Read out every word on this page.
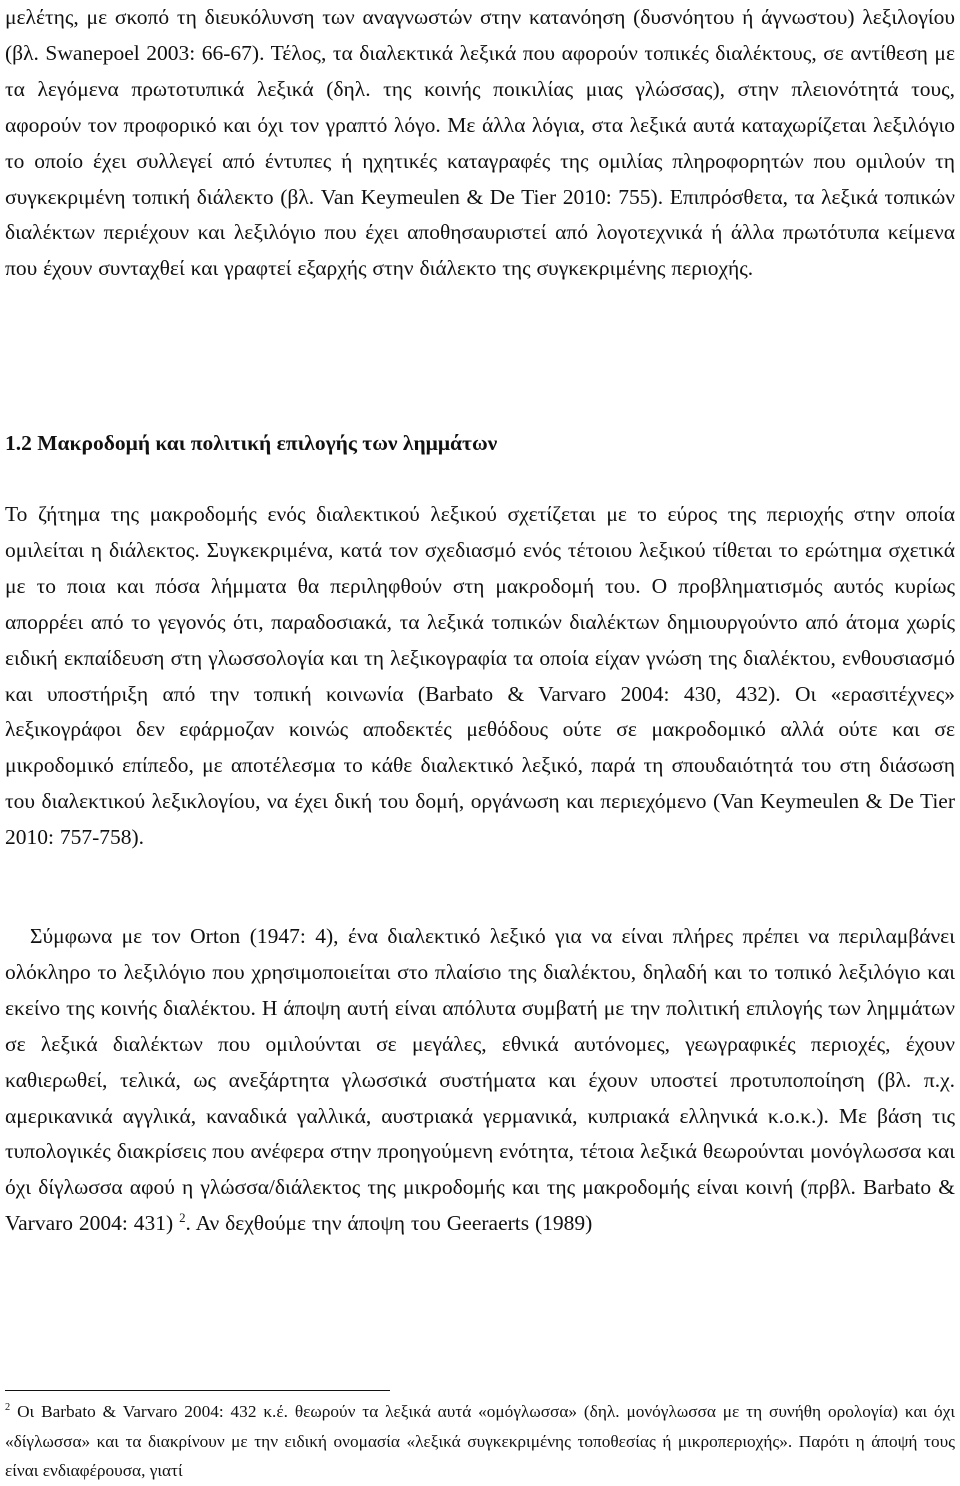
μελέτης, με σκοπό τη διευκόλυνση των αναγνωστών στην κατανόηση (δυσνόητου ή άγνωστου) λεξιλογίου (βλ. Swanepoel 2003: 66-67). Τέλος, τα διαλεκτικά λεξικά που αφορούν τοπικές διαλέκτους, σε αντίθεση με τα λεγόμενα πρωτοτυπικά λεξικά (δηλ. της κοινής ποικιλίας μιας γλώσσας), στην πλειονότητά τους, αφορούν τον προφορικό και όχι τον γραπτό λόγο. Με άλλα λόγια, στα λεξικά αυτά καταχωρίζεται λεξιλόγιο το οποίο έχει συλλεγεί από έντυπες ή ηχητικές καταγραφές της ομιλίας πληροφορητών που ομιλούν τη συγκεκριμένη τοπική διάλεκτο (βλ. Van Keymeulen & De Tier 2010: 755). Επιπρόσθετα, τα λεξικά τοπικών διαλέκτων περιέχουν και λεξιλόγιο που έχει αποθησαυριστεί από λογοτεχνικά ή άλλα πρωτότυπα κείμενα που έχουν συνταχθεί και γραφτεί εξαρχής στην διάλεκτο της συγκεκριμένης περιοχής.

1.2 Μακροδομή και πολιτική επιλογής των λημμάτων

Το ζήτημα της μακροδομής ενός διαλεκτικού λεξικού σχετίζεται με το εύρος της περιοχής στην οποία ομιλείται η διάλεκτος. Συγκεκριμένα, κατά τον σχεδιασμό ενός τέτοιου λεξικού τίθεται το ερώτημα σχετικά με το ποια και πόσα λήμματα θα περιληφθούν στη μακροδομή του. Ο προβληματισμός αυτός κυρίως απορρέει από το γεγονός ότι, παραδοσιακά, τα λεξικά τοπικών διαλέκτων δημιουργούντο από άτομα χωρίς ειδική εκπαίδευση στη γλωσσολογία και τη λεξικογραφία τα οποία είχαν γνώση της διαλέκτου, ενθουσιασμό και υποστήριξη από την τοπική κοινωνία (Barbato & Varvaro 2004: 430, 432). Οι «ερασιτέχνες» λεξικογράφοι δεν εφάρμοζαν κοινώς αποδεκτές μεθόδους ούτε σε μακροδομικό αλλά ούτε και σε μικροδομικό επίπεδο, με αποτέλεσμα το κάθε διαλεκτικό λεξικό, παρά τη σπουδαιότητά του στη διάσωση του διαλεκτικού λεξικλογίου, να έχει δική του δομή, οργάνωση και περιεχόμενο (Van Keymeulen & De Tier 2010: 757-758).

Σύμφωνα με τον Orton (1947: 4), ένα διαλεκτικό λεξικό για να είναι πλήρες πρέπει να περιλαμβάνει ολόκληρο το λεξιλόγιο που χρησιμοποιείται στο πλαίσιο της διαλέκτου, δηλαδή και το τοπικό λεξιλόγιο και εκείνο της κοινής διαλέκτου. Η άποψη αυτή είναι απόλυτα συμβατή με την πολιτική επιλογής των λημμάτων σε λεξικά διαλέκτων που ομιλούνται σε μεγάλες, εθνικά αυτόνομες, γεωγραφικές περιοχές, έχουν καθιερωθεί, τελικά, ως ανεξάρτητα γλωσσικά συστήματα και έχουν υποστεί προτυποποίηση (βλ. π.χ. αμερικανικά αγγλικά, καναδικά γαλλικά, αυστριακά γερμανικά, κυπριακά ελληνικά κ.ο.κ.). Με βάση τις τυπολογικές διακρίσεις που ανέφερα στην προηγούμενη ενότητα, τέτοια λεξικά θεωρούνται μονόγλωσσα και όχι δίγλωσσα αφού η γλώσσα/διάλεκτος της μικροδομής και της μακροδομής είναι κοινή (πρβλ. Barbato & Varvaro 2004: 431) $^2$. Αν δεχθούμε την άποψη του Geeraerts (1989)

$^2$ Οι Barbato & Varvaro 2004: 432 κ.έ. θεωρούν τα λεξικά αυτά «ομόγλωσσα» (δηλ. μονόγλωσσα με τη συνήθη ορολογία) και όχι «δίγλωσσα» και τα διακρίνουν με την ειδική ονομασία «λεξικά συγκεκριμένης τοποθεσίας ή μικροπεριοχής». Παρότι η άποψή τους είναι ενδιαφέρουσα, γιατί
